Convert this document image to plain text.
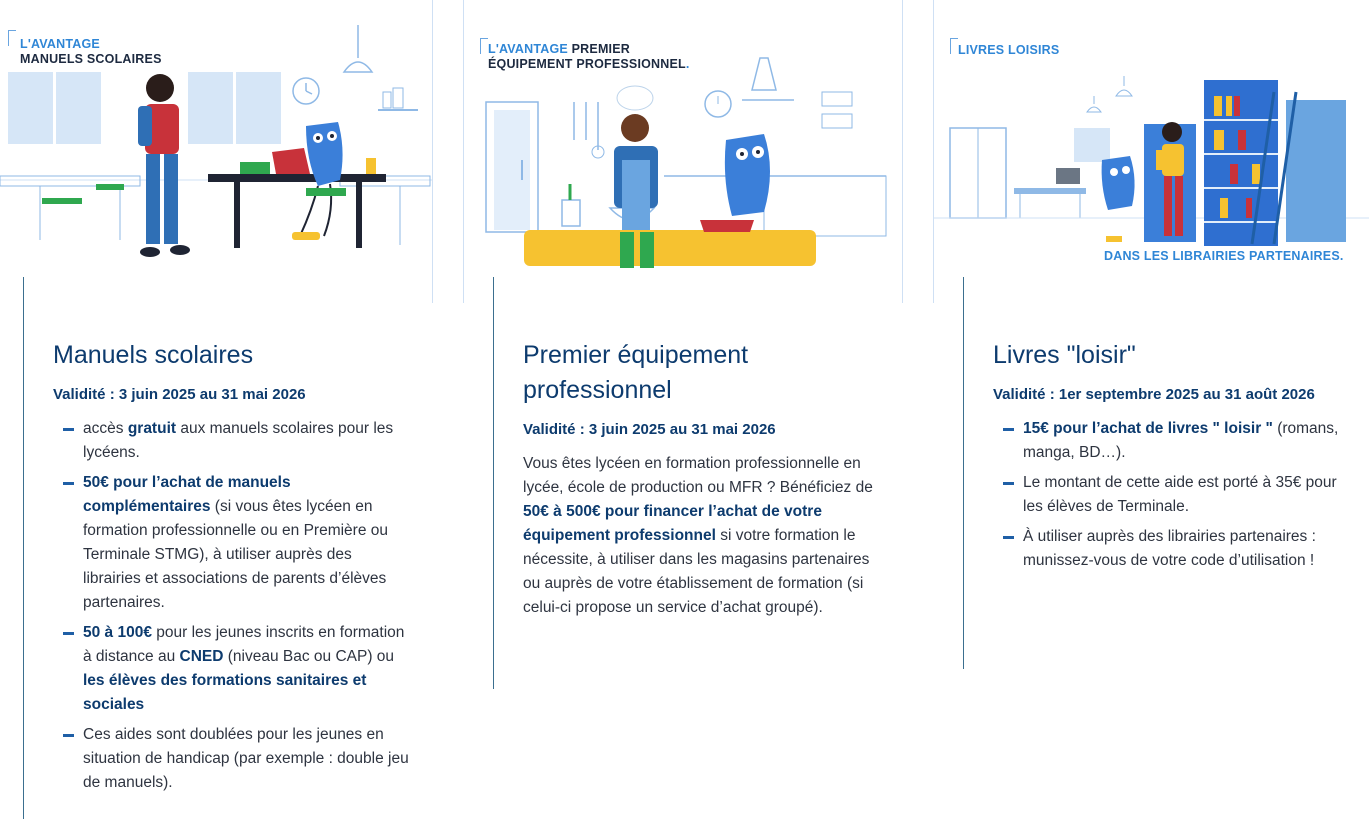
L'AVANTAGE
MANUELS SCOLAIRES
Manuels scolaires
Validité : 3 juin 2025 au 31 mai 2026
accès gratuit aux manuels scolaires pour les lycéens.
50€ pour l’achat de manuels complémentaires (si vous êtes lycéen en formation professionnelle ou en Première ou Terminale STMG), à utiliser auprès des librairies et associations de parents d’élèves partenaires.
50 à 100€ pour les jeunes inscrits en formation à distance au CNED (niveau Bac ou CAP) ou les élèves des formations sanitaires et sociales
Ces aides sont doublées pour les jeunes en situation de handicap (par exemple : double jeu de manuels).
L'AVANTAGE PREMIER
ÉQUIPEMENT PROFESSIONNEL.
Premier équipement professionnel
Validité : 3 juin 2025 au 31 mai 2026

Vous êtes lycéen en formation professionnelle en lycée, école de production ou MFR ? Bénéficiez de 50€ à 500€ pour financer l’achat de votre équipement professionnel si votre formation le nécessite, à utiliser dans les magasins partenaires ou auprès de votre établissement de formation (si celui-ci propose un service d’achat groupé).

LIVRES LOISIRS
DANS LES LIBRAIRIES PARTENAIRES.
Livres "loisir"
Validité : 1er septembre 2025 au 31 août 2026
15€ pour l’achat de livres " loisir " (romans, manga, BD…).
Le montant de cette aide est porté à 35€ pour les élèves de Terminale.
À utiliser auprès des librairies partenaires : munissez-vous de votre code d’utilisation !
